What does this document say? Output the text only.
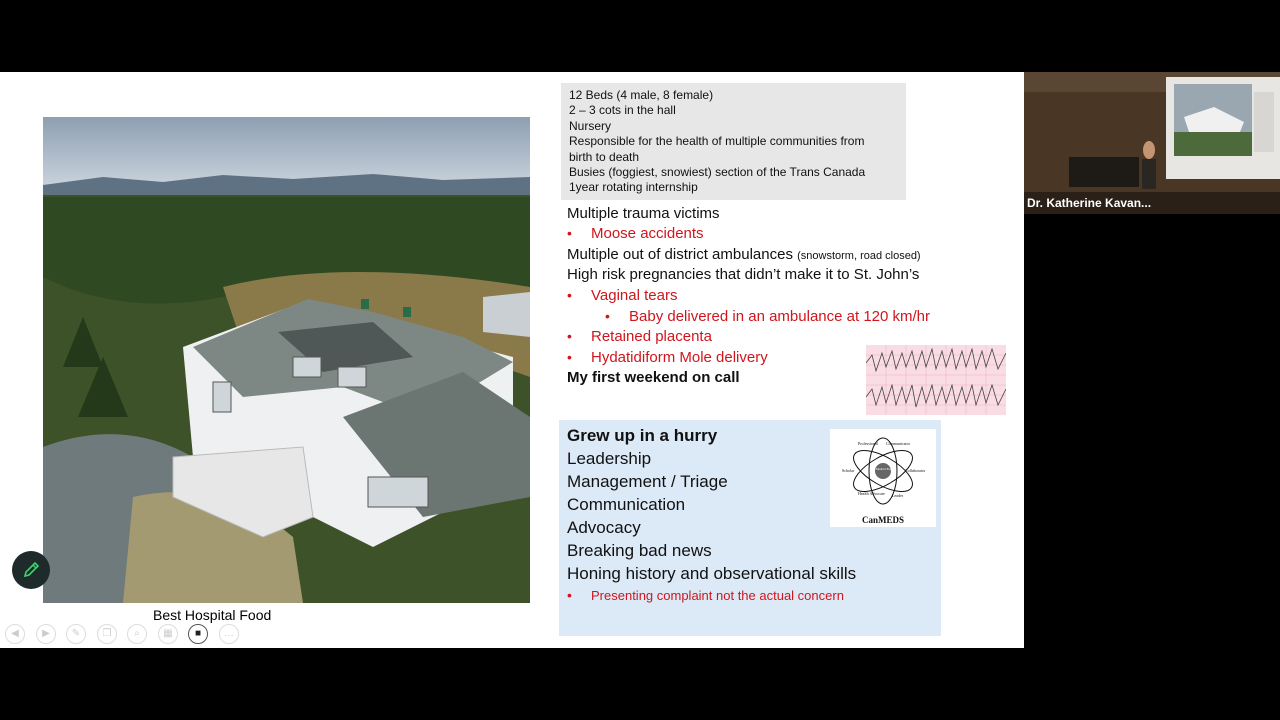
Best Hospital Food
12 Beds (4 male, 8 female)
2 – 3 cots in the hall
Nursery
Responsible for the health of multiple communities from
birth to death
Busies (foggiest, snowiest) section of the Trans Canada
1year rotating internship
Multiple trauma victims
• Moose accidents
Multiple out of district ambulances (snowstorm, road closed)
High risk pregnancies that didn’t make it to St. John’s
• Vaginal tears
• Baby delivered in an ambulance at 120 km/hr
• Retained placenta
• Hydatidiform Mole delivery
My first weekend on call
Grew up in a hurry
Leadership
Management / Triage
Communication
Advocacy
Breaking bad news
Honing history and observational skills
• Presenting complaint not the actual concern
Professional Communicator
Collaborator
Leader
Health Advocate
Scholar	Medical Expert
CanMEDS
◀	▶	✎	❐	⌕	▦	■	…
Dr. Katherine Kavan...
